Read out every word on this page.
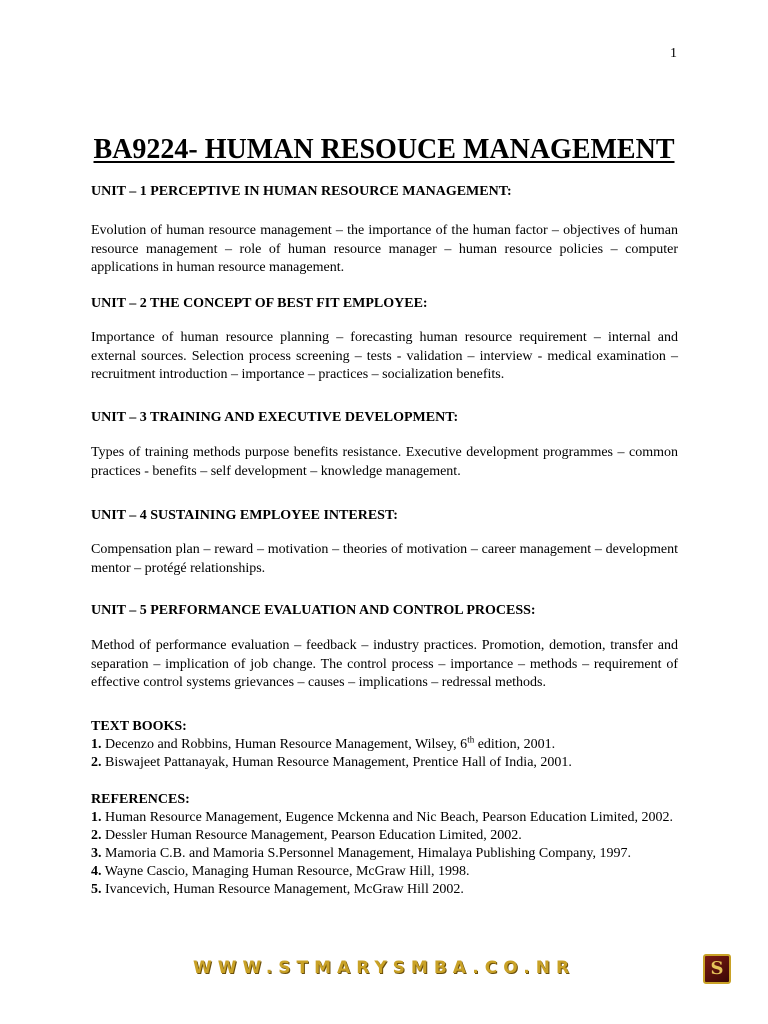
1
BA9224- HUMAN RESOUCE MANAGEMENT
UNIT – 1 PERCEPTIVE IN HUMAN RESOURCE MANAGEMENT:

Evolution of human resource management – the importance of the human factor – objectives of human resource management – role of human resource manager – human resource policies – computer applications in human resource management.

UNIT – 2 THE CONCEPT OF BEST FIT EMPLOYEE:

Importance of human resource planning – forecasting human resource requirement – internal and external sources. Selection process screening – tests - validation – interview - medical examination – recruitment introduction – importance – practices – socialization benefits.

UNIT – 3 TRAINING AND EXECUTIVE DEVELOPMENT:

Types of training methods purpose benefits resistance. Executive development programmes – common practices - benefits – self development – knowledge management.

UNIT – 4 SUSTAINING EMPLOYEE INTEREST:

Compensation plan – reward – motivation – theories of motivation – career management – development mentor – protégé relationships.

UNIT – 5 PERFORMANCE EVALUATION AND CONTROL PROCESS:

Method of performance evaluation – feedback – industry practices. Promotion, demotion, transfer and separation – implication of job change. The control process – importance – methods – requirement of effective control systems grievances – causes – implications – redressal methods.

TEXT BOOKS:
1. Decenzo and Robbins, Human Resource Management, Wilsey, 6th edition, 2001.
2. Biswajeet Pattanayak, Human Resource Management, Prentice Hall of India, 2001.
REFERENCES:
1. Human Resource Management, Eugence Mckenna and Nic Beach, Pearson Education Limited, 2002.
2. Dessler Human Resource Management, Pearson Education Limited, 2002.
3. Mamoria C.B. and Mamoria S.Personnel Management, Himalaya Publishing Company, 1997.
4. Wayne Cascio, Managing Human Resource, McGraw Hill, 1998.
5. Ivancevich, Human Resource Management, McGraw Hill 2002.
WWW.STMARYSMBA.CO.NR	S
